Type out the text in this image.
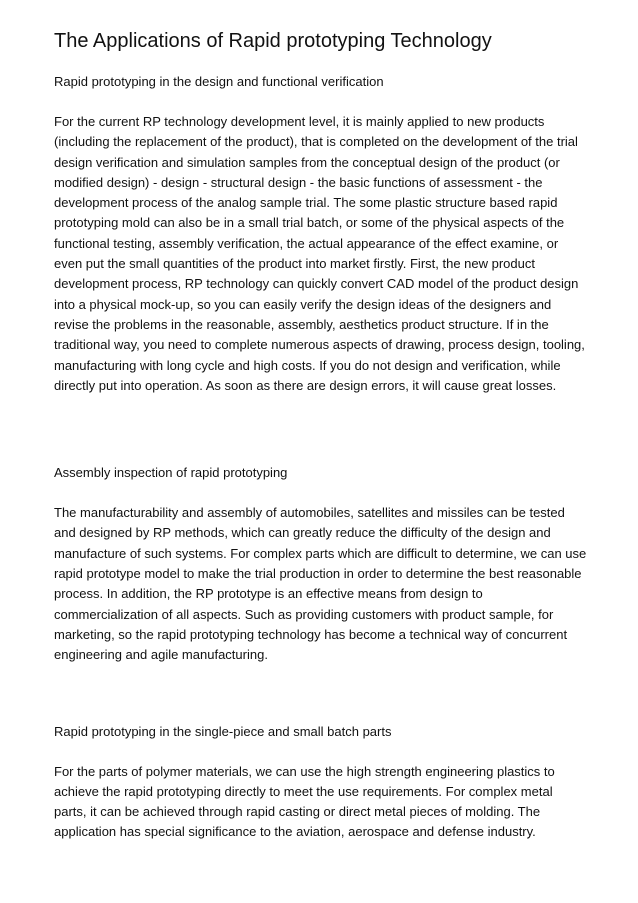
The Applications of Rapid prototyping Technology

Rapid prototyping in the design and functional verification

For the current RP technology development level, it is mainly applied to new products (including the replacement of the product), that is completed on the development of the trial design verification and simulation samples from the conceptual design of the product (or modified design) - design - structural design - the basic functions of assessment - the development process of the analog sample trial. The some plastic structure based rapid prototyping mold can also be in a small trial batch, or some of the physical aspects of the functional testing, assembly verification, the actual appearance of the effect examine, or even put the small quantities of the product into market firstly. First, the new product development process, RP technology can quickly convert CAD model of the product design into a physical mock-up, so you can easily verify the design ideas of the designers and revise the problems in the reasonable, assembly, aesthetics product structure. If in the traditional way, you need to complete numerous aspects of drawing, process design, tooling, manufacturing with long cycle and high costs. If you do not design and verification, while directly put into operation. As soon as there are design errors, it will cause great losses.

Assembly inspection of rapid prototyping

The manufacturability and assembly of automobiles, satellites and missiles can be tested and designed by RP methods, which can greatly reduce the difficulty of the design and manufacture of such systems. For complex parts which are difficult to determine, we can use rapid prototype model to make the trial production in order to determine the best reasonable process. In addition, the RP prototype is an effective means from design to commercialization of all aspects. Such as providing customers with product sample, for marketing, so the rapid prototyping technology has become a technical way of concurrent engineering and agile manufacturing.

Rapid prototyping in the single-piece and small batch parts

For the parts of polymer materials, we can use the high strength engineering plastics to achieve the rapid prototyping directly to meet the use requirements. For complex metal parts, it can be achieved through rapid casting or direct metal pieces of molding. The application has special significance to the aviation, aerospace and defense industry.
